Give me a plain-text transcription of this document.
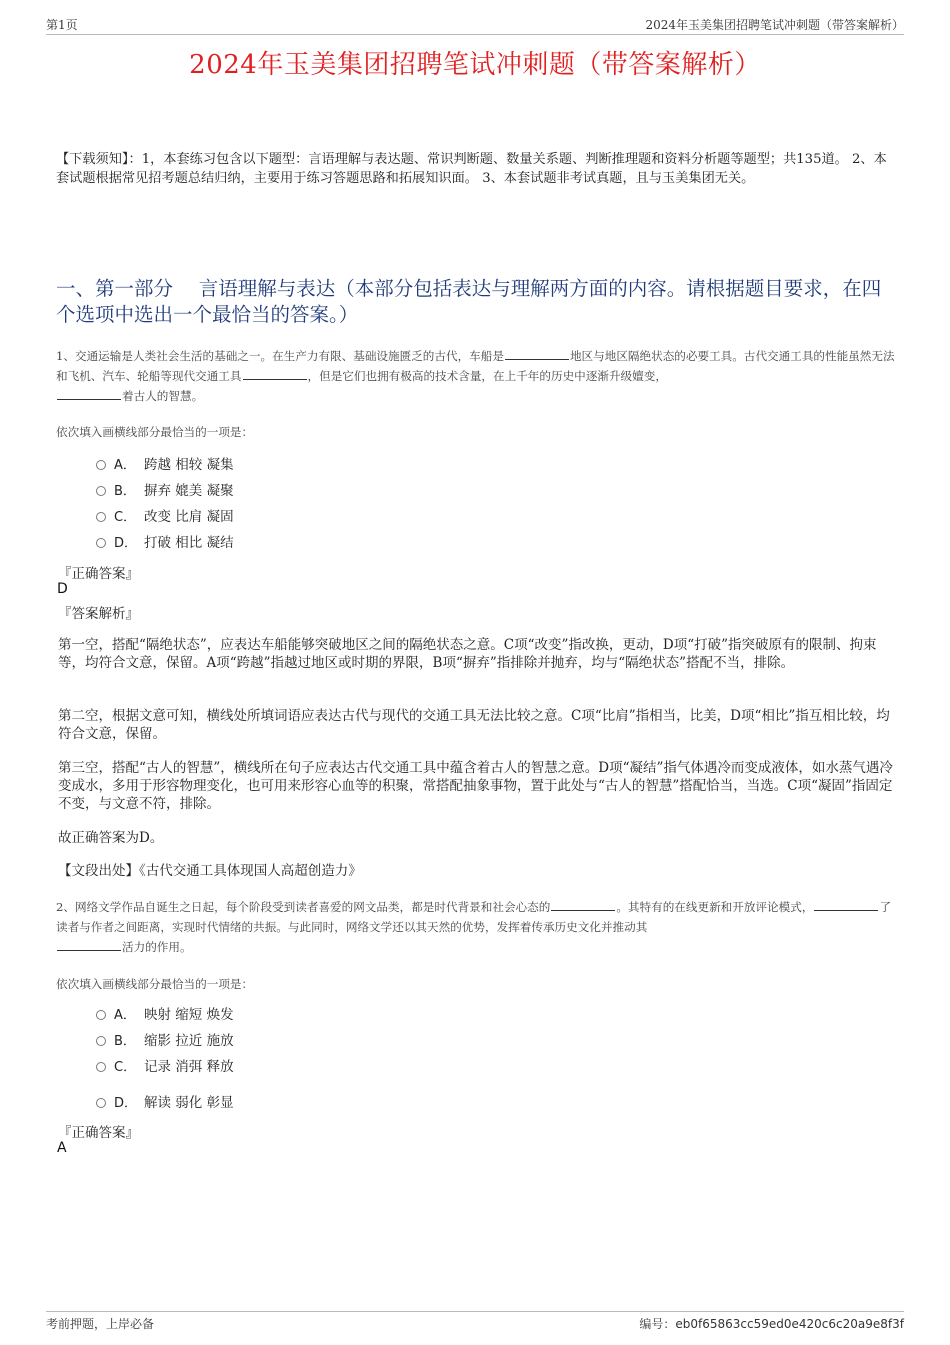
第1页	2024年玉美集团招聘笔试冲刺题（带答案解析）
2024年玉美集团招聘笔试冲刺题（带答案解析）
【下载须知】：1，本套练习包含以下题型：言语理解与表达题、常识判断题、数量关系题、判断推理题和资料分析题等题型；共135道。 2、本套试题根据常见招考题总结归纳，主要用于练习答题思路和拓展知识面。 3、本套试题非考试真题，且与玉美集团无关。
一、第一部分　 言语理解与表达（本部分包括表达与理解两方面的内容。请根据题目要求，在四个选项中选出一个最恰当的答案。）
1、交通运输是人类社会生活的基础之一。在生产力有限、基础设施匮乏的古代，车船是	地区与地区隔绝状态的必要工具。古代交通工具的性能虽然无法和飞机、汽车、轮船等现代交通工具	，但是它们也拥有极高的技术含量，在上千年的历史中逐渐升级嬗变，
着古人的智慧。
依次填入画横线部分最恰当的一项是：
A． 跨越 相较 凝集
B． 摒弃 媲美 凝聚
C． 改变 比肩 凝固
D． 打破 相比 凝结
『正确答案』
D
『答案解析』
第一空，搭配“隔绝状态”，应表达车船能够突破地区之间的隔绝状态之意。C项“改变”指改换，更动，D项“打破”指突破原有的限制、拘束等，均符合文意，保留。A项“跨越”指越过地区或时期的界限，B项“摒弃”指排除并抛弃，均与“隔绝状态”搭配不当，排除。
第二空，根据文意可知，横线处所填词语应表达古代与现代的交通工具无法比较之意。C项“比肩”指相当，比美，D项“相比”指互相比较，均符合文意，保留。
第三空，搭配“古人的智慧”，横线所在句子应表达古代交通工具中蕴含着古人的智慧之意。D项“凝结”指气体遇冷而变成液体，如水蒸气遇冷变成水，多用于形容物理变化，也可用来形容心血等的积聚，常搭配抽象事物，置于此处与“古人的智慧”搭配恰当，当选。C项“凝固”指固定不变，与文意不符，排除。
故正确答案为D。
【文段出处】《古代交通工具体现国人高超创造力》
2、网络文学作品自诞生之日起，每个阶段受到读者喜爱的网文品类，都是时代背景和社会心态的	。其特有的在线更新和开放评论模式，	了读者与作者之间距离，实现时代情绪的共振。与此同时，网络文学还以其天然的优势，发挥着传承历史文化并推动其
活力的作用。
依次填入画横线部分最恰当的一项是：
A． 映射 缩短 焕发
B． 缩影 拉近 施放
C． 记录 消弭 释放
D． 解读 弱化 彰显
『正确答案』
A
考前押题，上岸必备	编号：eb0f65863cc59ed0e420c6c20a9e8f3f
